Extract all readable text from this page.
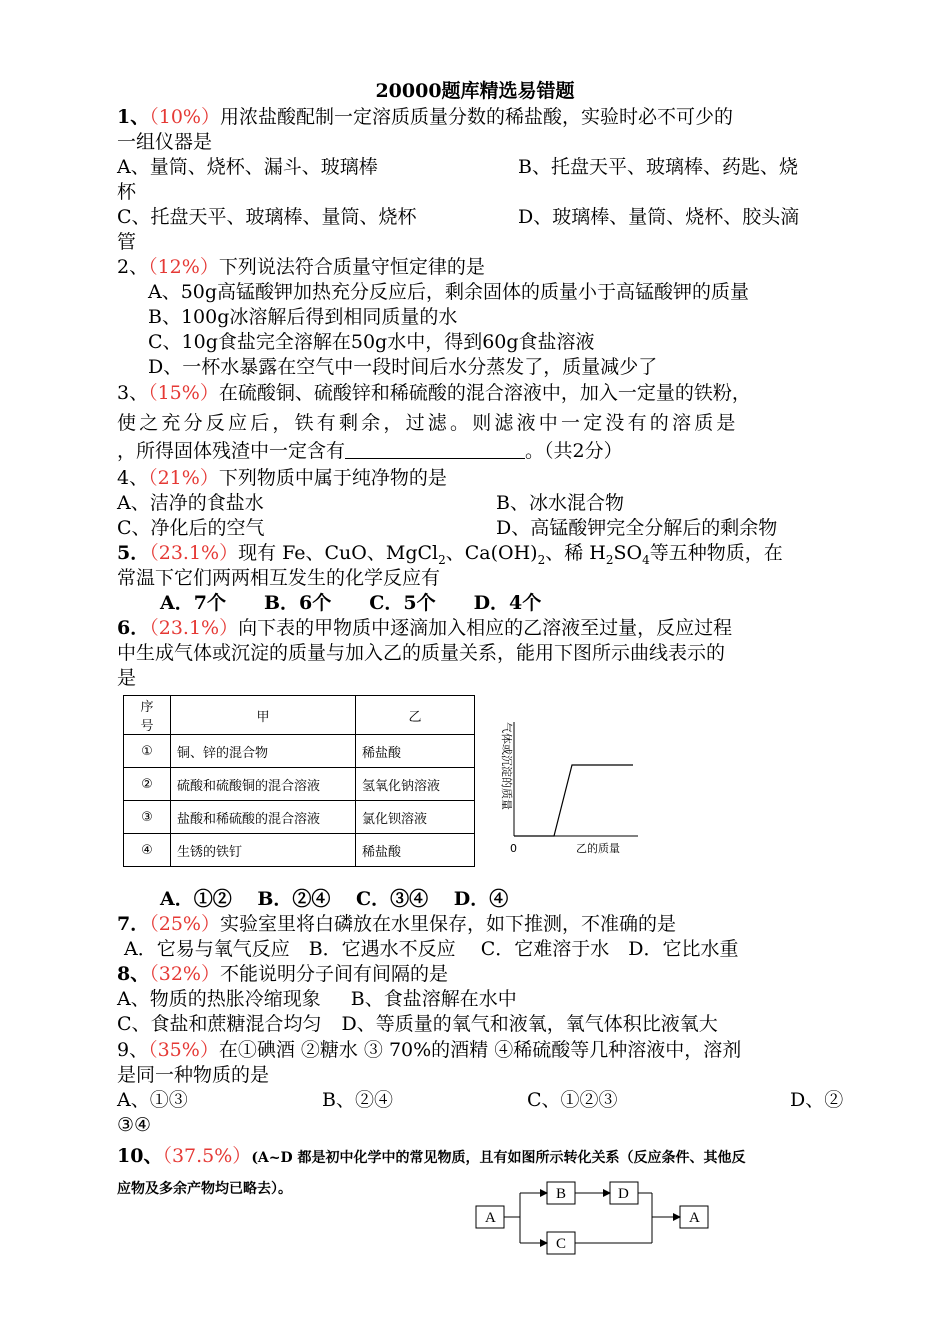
20000题库精选易错题
1、（10%）用浓盐酸配制一定溶质质量分数的稀盐酸，实验时必不可少的
一组仪器是
A、量筒、烧杯、漏斗、玻璃棒	B、托盘天平、玻璃棒、药匙、烧
杯
C、托盘天平、玻璃棒、量筒、烧杯	D、玻璃棒、量筒、烧杯、胶头滴
管
2、（12%）下列说法符合质量守恒定律的是
A、50g高锰酸钾加热充分反应后，剩余固体的质量小于高锰酸钾的质量
B、100g冰溶解后得到相同质量的水
C、10g食盐完全溶解在50g水中，得到60g食盐溶液
D、一杯水暴露在空气中一段时间后水分蒸发了，质量减少了
3、（15%）在硫酸铜、硫酸锌和稀硫酸的混合溶液中，加入一定量的铁粉，
使之充分反应后，铁有剩余，过滤。则滤液中一定没有的溶质是
，所得固体残渣中一定含有	。（共2分）
4、（21%）下列物质中属于纯净物的是
A、洁净的食盐水	B、冰水混合物
C、净化后的空气	D、高锰酸钾完全分解后的剩余物
5．（23.1%）现有 Fe、CuO、MgCl$_2$、$Ca(OH)_2$、稀 $H_2SO_4$等五种物质，在
常温下它们两两相互发生的化学反应有
A．7个　　B．6个　　C．5个　　D．4个
6．（23.1%）向下表的甲物质中逐滴加入相应的乙溶液至过量，反应过程
中生成气体或沉淀的质量与加入乙的质量关系，能用下图所示曲线表示的
是
序　号	甲	乙
①	铜、锌的混合物	稀盐酸
②	硫酸和硫酸铜的混合溶液	氢氧化钠溶液
③	盐酸和稀硫酸的混合溶液	氯化钡溶液
④	生锈的铁钉	稀盐酸	0	乙的质量
气体或沉淀的质量
A．①②　 B．②④　 C．③④　 D．④
7．（25%）实验室里将白磷放在水里保存，如下推测，不准确的是
A．它易与氧气反应　B．它遇水不反应　 C．它难溶于水　D．它比水重
8、（32%）不能说明分子间有间隔的是
A、物质的热胀冷缩现象 B、食盐溶解在水中
C、食盐和蔗糖混合均匀 D、等质量的氧气和液氧，氧气体积比液氧大
9、（35%）在①碘酒 ②糖水 ③ 70%的酒精 ④稀硫酸等几种溶液中，溶剂
是同一种物质的是
A、①③	B、②④	C、①②③	D、②
③④
10、（37.5%）(A~D 都是初中化学中的常见物质，且有如图所示转化关系（反应条件、其他反
应物及多余产物均已略去）。
A
B	D
C
A
